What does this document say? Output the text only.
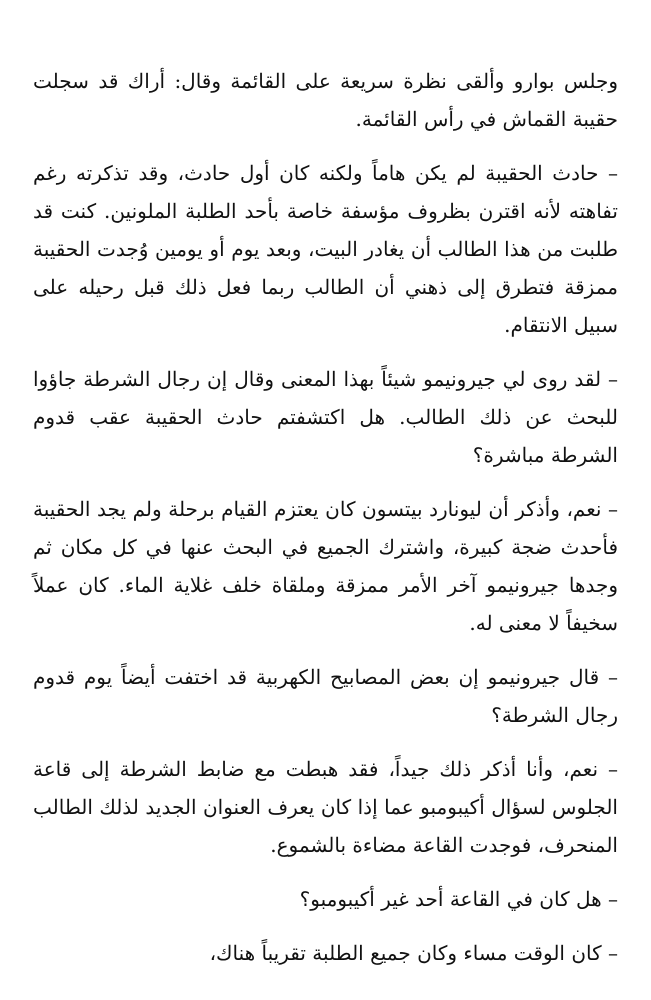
وجلس بوارو وألقى نظرة سريعة على القائمة وقال: أراك قد سجلت حقيبة القماش في رأس القائمة.

– حادث الحقيبة لم يكن هاماً ولكنه كان أول حادث، وقد تذكرته رغم تفاهته لأنه اقترن بظروف مؤسفة خاصة بأحد الطلبة الملونين. كنت قد طلبت من هذا الطالب أن يغادر البيت، وبعد يوم أو يومين وُجدت الحقيبة ممزقة فتطرق إلى ذهني أن الطالب ربما فعل ذلك قبل رحيله على سبيل الانتقام.

– لقد روى لي جيرونيمو شيئاً بهذا المعنى وقال إن رجال الشرطة جاؤوا للبحث عن ذلك الطالب. هل اكتشفتم حادث الحقيبة عقب قدوم الشرطة مباشرة؟

– نعم، وأذكر أن ليونارد بيتسون كان يعتزم القيام برحلة ولم يجد الحقيبة فأحدث ضجة كبيرة، واشترك الجميع في البحث عنها في كل مكان ثم وجدها جيرونيمو آخر الأمر ممزقة وملقاة خلف غلاية الماء. كان عملاً سخيفاً لا معنى له.

– قال جيرونيمو إن بعض المصابيح الكهربية قد اختفت أيضاً يوم قدوم رجال الشرطة؟

– نعم، وأنا أذكر ذلك جيداً، فقد هبطت مع ضابط الشرطة إلى قاعة الجلوس لسؤال أكيبومبو عما إذا كان يعرف العنوان الجديد لذلك الطالب المنحرف، فوجدت القاعة مضاءة بالشموع.

– هل كان في القاعة أحد غير أكيبومبو؟

– كان الوقت مساء وكان جميع الطلبة تقريباً هناك،
